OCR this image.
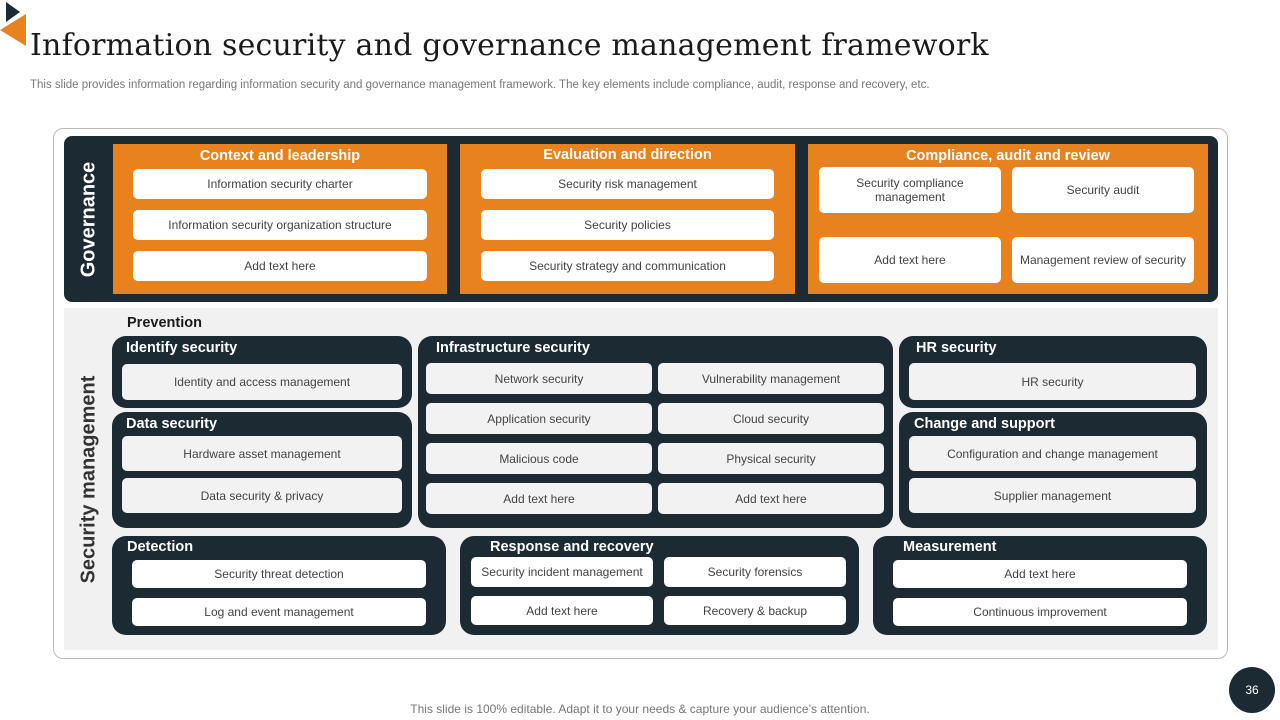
Information security and governance management framework
This slide provides information regarding information security and governance management framework. The key elements include compliance, audit, response and recovery, etc.
Governance
Context and leadership
Information security charter
Information security organization structure
Add text here
Evaluation and direction
Security risk management
Security policies
Security strategy and communication
Compliance, audit and review
Security compliance management	Security audit
Add text here	Management review of security
Security management
Prevention
Identify security
Identity and access management
Data security
Hardware asset management
Data security & privacy
Infrastructure security
Network security	Vulnerability management
Application security	Cloud security
Malicious code	Physical security
Add text here	Add text here
HR security
HR security
Change and support
Configuration and change management
Supplier management
Detection
Security threat detection
Log and event management
Response and recovery
Security incident management	Security forensics
Add text here	Recovery & backup
Measurement
Add text here
Continuous improvement
This slide is 100% editable. Adapt it to your needs & capture your audience’s attention.
36
